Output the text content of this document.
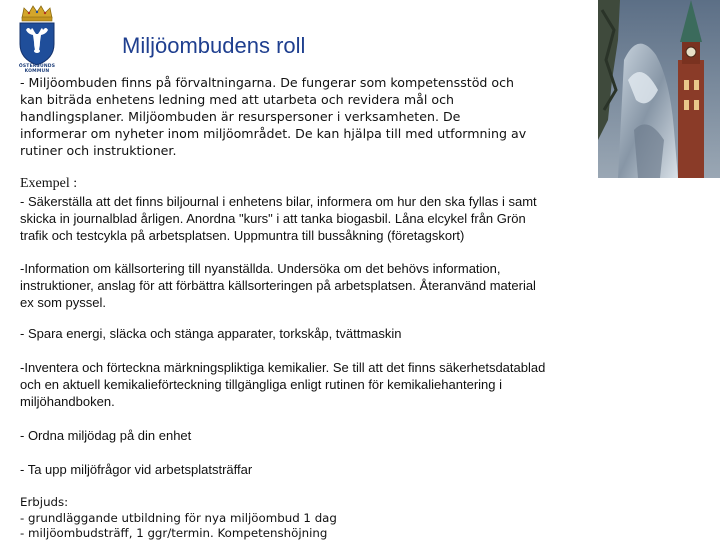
ÖSTERSUNDS KOMMUN
Miljöombudens roll

- Miljöombuden finns på förvaltningarna. De fungerar som kompetensstöd och
kan biträda enhetens ledning med att utarbeta och revidera mål och
handlingsplaner. Miljöombuden är resurspersoner i verksamheten. De
informerar om nyheter inom miljöområdet. De kan hjälpa till med utformning av
rutiner och instruktioner.

Exempel :

- Säkerställa att det finns biljournal i enhetens bilar, informera om hur den ska fyllas i samt
skicka in journalblad årligen. Anordna "kurs" i att tanka biogasbil. Låna elcykel från Grön
trafik och testcykla på arbetsplatsen. Uppmuntra till bussåkning (företagskort)

-Information om källsortering till nyanställda. Undersöka om det behövs information,
instruktioner, anslag för att förbättra källsorteringen på arbetsplatsen. Återanvänd material
ex som pyssel.

- Spara energi, släcka och stänga apparater, torkskåp, tvättmaskin

-Inventera och förteckna märkningspliktiga kemikalier. Se till att det finns säkerhetsdatablad
och en aktuell kemikalieförteckning tillgängliga enligt rutinen för kemikaliehantering i
miljöhandboken.

- Ordna miljödag på din enhet

- Ta upp miljöfrågor vid arbetsplatsträffar

Erbjuds:
- grundläggande utbildning för nya miljöombud 1 dag
- miljöombudsträff, 1 ggr/termin. Kompetenshöjning
